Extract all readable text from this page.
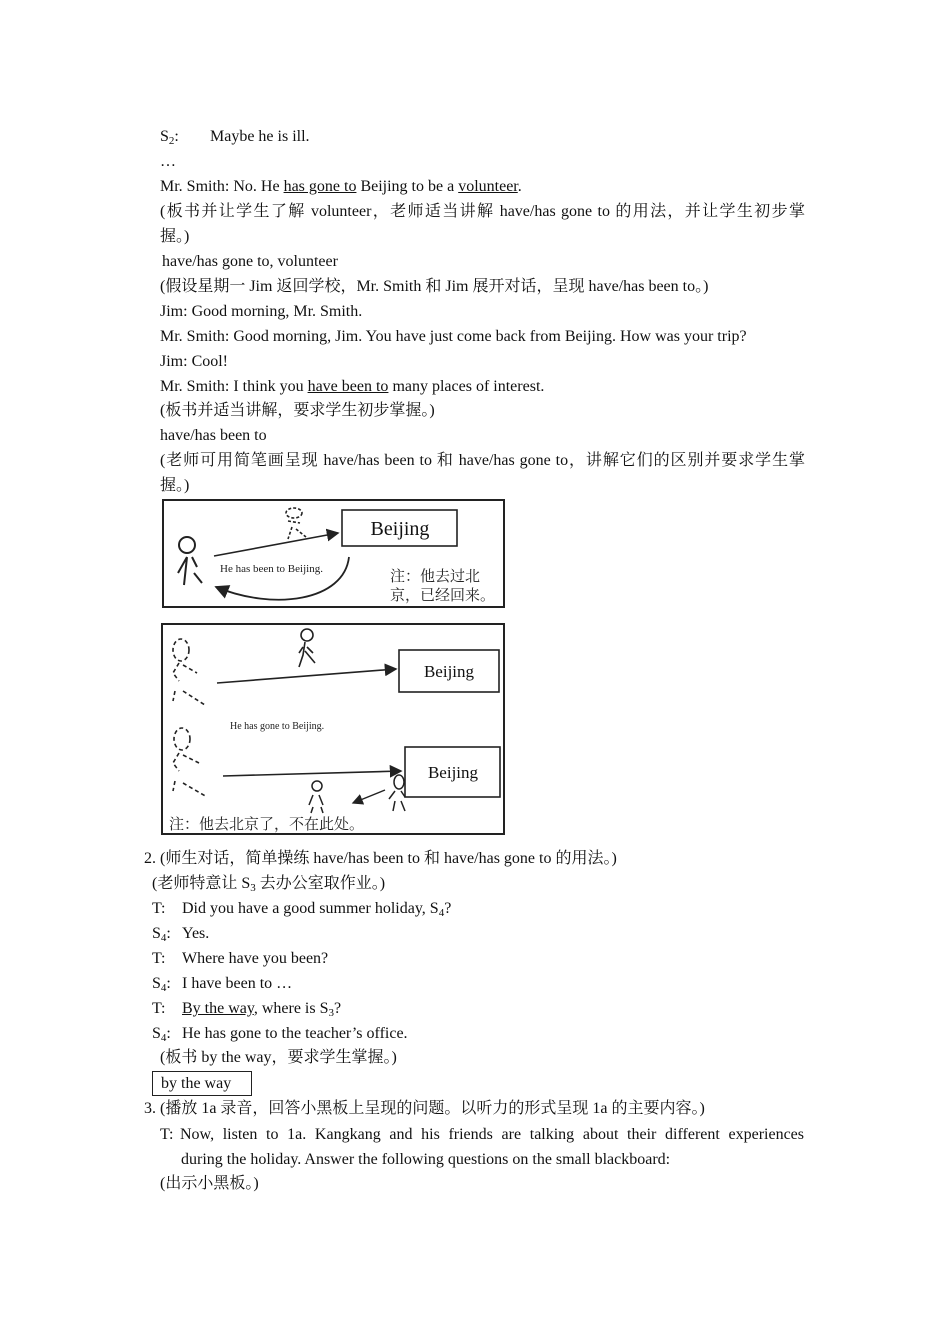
$S_2$: Maybe he is ill.
…
Mr. Smith: No. He has gone to Beijing to be a volunteer.
(板书并让学生了解 volunteer，老师适当讲解 have/has gone to 的用法，并让学生初步掌
握。)
have/has gone to, volunteer
(假设星期一 Jim 返回学校，Mr. Smith 和 Jim 展开对话，呈现 have/has been to。)
Jim: Good morning, Mr. Smith.
Mr. Smith: Good morning, Jim. You have just come back from Beijing. How was your trip?
Jim: Cool!
Mr. Smith: I think you have been to many places of interest.
(板书并适当讲解，要求学生初步掌握。)
have/has been to
(老师可用简笔画呈现 have/has been to 和 have/has gone to，讲解它们的区别并要求学生掌
握。)
Beijing
He has been to Beijing.	注：他去过北
京，已经回来。
Beijing
He has gone to Beijing.
Beijing
注：他去北京了，不在此处。
2. (师生对话，简单操练 have/has been to 和 have/has gone to 的用法。)
(老师特意让 $S_3$ 去办公室取作业。)
T: Did you have a good summer holiday, $S_4$?
$S_4$: Yes.
T: Where have you been?
$S_4$: I have been to …
T: By the way, where is $S_3$?
$S_4$: He has gone to the teacher’s office.
(板书 by the way，要求学生掌握。)
by the way
3. (播放 1a 录音，回答小黑板上呈现的问题。以听力的形式呈现 1a 的主要内容。)
T: Now, listen to 1a. Kangkang and his friends are talking about their different experiences
during the holiday. Answer the following questions on the small blackboard:
(出示小黑板。)
